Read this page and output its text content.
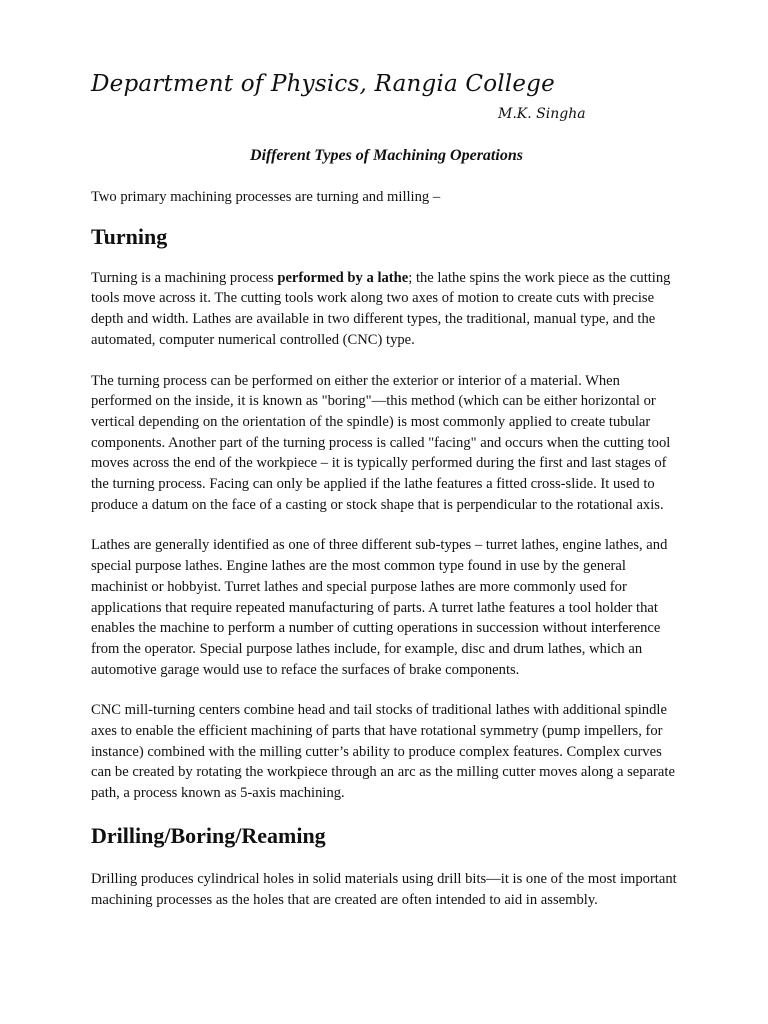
Department of Physics, Rangia College

M.K. Singha

Different Types of Machining Operations

Two primary machining processes are turning and milling –

Turning

Turning is a machining process performed by a lathe; the lathe spins the work piece as the cutting tools move across it. The cutting tools work along two axes of motion to create cuts with precise depth and width. Lathes are available in two different types, the traditional, manual type, and the automated, computer numerical controlled (CNC) type.

The turning process can be performed on either the exterior or interior of a material. When performed on the inside, it is known as "boring"—this method (which can be either horizontal or vertical depending on the orientation of the spindle) is most commonly applied to create tubular components. Another part of the turning process is called "facing" and occurs when the cutting tool moves across the end of the workpiece – it is typically performed during the first and last stages of the turning process. Facing can only be applied if the lathe features a fitted cross-slide. It used to produce a datum on the face of a casting or stock shape that is perpendicular to the rotational axis.

Lathes are generally identified as one of three different sub-types – turret lathes, engine lathes, and special purpose lathes. Engine lathes are the most common type found in use by the general machinist or hobbyist. Turret lathes and special purpose lathes are more commonly used for applications that require repeated manufacturing of parts. A turret lathe features a tool holder that enables the machine to perform a number of cutting operations in succession without interference from the operator. Special purpose lathes include, for example, disc and drum lathes, which an automotive garage would use to reface the surfaces of brake components.

CNC mill-turning centers combine head and tail stocks of traditional lathes with additional spindle axes to enable the efficient machining of parts that have rotational symmetry (pump impellers, for instance) combined with the milling cutter’s ability to produce complex features. Complex curves can be created by rotating the workpiece through an arc as the milling cutter moves along a separate path, a process known as 5-axis machining.

Drilling/Boring/Reaming

Drilling produces cylindrical holes in solid materials using drill bits—it is one of the most important machining processes as the holes that are created are often intended to aid in assembly.
